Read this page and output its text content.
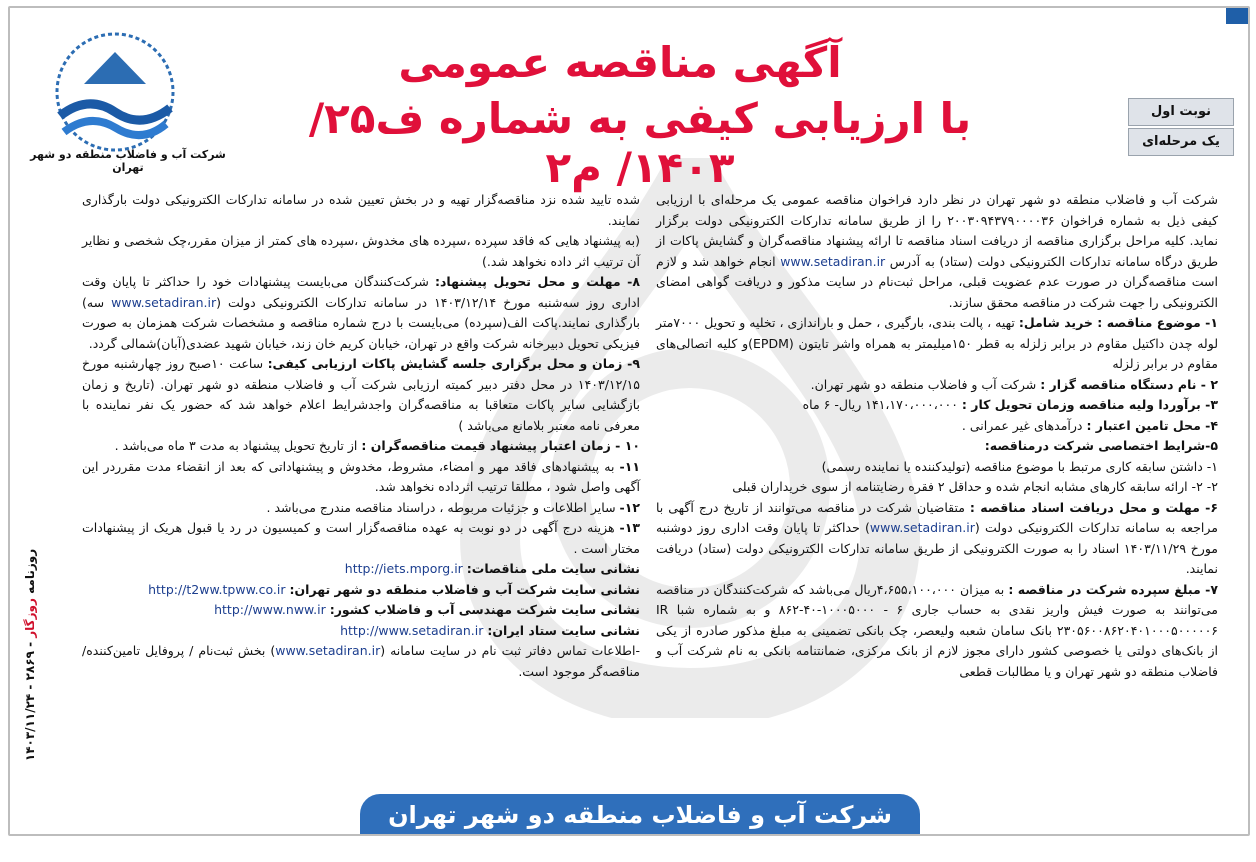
شرکت آب و فاضلاب منطقه دو شهر تهران
آگهی مناقصه عمومی
با ارزیابی کیفی به شماره ف۲۵/ ۱۴۰۳/ م۲
نوبت اول
یک مرحله‌ای

شرکت آب و فاضلاب منطقه دو شهر تهران در نظر دارد فراخوان مناقصه عمومی یک مرحله‌ای با ارزیابی کیفی ذیل به شماره فراخوان ۲۰۰۳۰۹۴۳۷۹۰۰۰۰۳۶ را از طریق سامانه تدارکات الکترونیکی دولت برگزار نماید. کلیه مراحل برگزاری مناقصه از دریافت اسناد مناقصه تا ارائه پیشنهاد مناقصه‌گران و گشایش پاکات از طریق درگاه سامانه تدارکات الکترونیکی دولت (ستاد) به آدرس www.setadiran.ir انجام خواهد شد و لازم است مناقصه‌گران در صورت عدم عضویت قبلی، مراحل ثبت‌نام در سایت مذکور و دریافت گواهی امضای الکترونیکی را جهت شرکت در مناقصه محقق سازند.

۱- موضوع مناقصه : خرید شامل: تهیه ، پالت بندی، بارگیری ، حمل و باراندازی ، تخلیه و تحویل ۷۰۰۰متر لوله چدن داکتیل مقاوم در برابر زلزله به قطر ۱۵۰میلیمتر به همراه واشر تایتون (EPDM)و کلیه اتصالی‌های مقاوم در برابر زلزله

۲ - نام دستگاه مناقصه گزار : شرکت آب و فاضلاب منطقه دو شهر تهران.

۳- برآوردا ولیه مناقصه وزمان تحویل کار : ۱۴۱،۱۷۰،۰۰۰،۰۰۰ ریال- ۶ ماه

۴- محل تامین اعتبار : درآمدهای غیر عمرانی .

۵-شرایط اختصاصی شرکت درمناقصه:

۱- داشتن سابقه کاری مرتبط با موضوع مناقصه (تولیدکننده یا نماینده رسمی)

۲- ۲- ارائه سابقه کارهای مشابه انجام شده و حداقل ۲ فقره رضایتنامه از سوی خریداران قبلی

۶- مهلت و محل دریافت اسناد مناقصه : متقاضیان شرکت در مناقصه می‌توانند از تاریخ درج آگهی با مراجعه به سامانه تدارکات الکترونیکی دولت (www.setadiran.ir) حداکثر تا پایان وقت اداری روز دوشنبه مورخ ۱۴۰۳/۱۱/۲۹ اسناد را به صورت الکترونیکی از طریق سامانه تدارکات الکترونیکی دولت (ستاد) دریافت نمایند.

۷- مبلغ سپرده شرکت در مناقصه : به میزان ۴،۶۵۵،۱۰۰،۰۰۰ریال می‌باشد که شرکت‌کنندگان در مناقصه می‌توانند به صورت فیش واریز نقدی به حساب جاری ۶ - ۱۰۰۰۵۰۰۰-۴۰-۸۶۲ و به شماره شبا IR ۲۳۰۵۶۰۰۸۶۲۰۴۰۱۰۰۰۵۰۰۰۰۰۶ بانک سامان شعبه ولیعصر، چک بانکی تضمینی به مبلغ مذکور صادره از یکی از بانک‌های دولتی یا خصوصی کشور دارای مجوز لازم از بانک مرکزی، ضمانتنامه بانکی به نام شرکت آب و فاضلاب منطقه دو شهر تهران و یا مطالبات قطعی

شده تایید شده نزد مناقصه‌گزار تهیه و در بخش تعیین شده در سامانه تدارکات الکترونیکی دولت بارگذاری نمایند.

(به پیشنهاد هایی که فاقد سپرده ،سپرده های مخدوش ،سپرده های کمتر از میزان مقرر،چک شخصی و نظایر آن ترتیب اثر داده نخواهد شد.)

۸- مهلت و محل تحویل پیشنهاد: شرکت‌کنندگان می‌بایست پیشنهادات خود را حداکثر تا پایان وقت اداری روز سه‌شنبه مورخ ۱۴۰۳/۱۲/۱۴ در سامانه تدارکات الکترونیکی دولت (www.setadiran.ir سه) بارگذاری نمایند.پاکت الف(سپرده) می‌بایست با درج شماره مناقصه و مشخصات شرکت همزمان به صورت فیزیکی تحویل دبیرخانه شرکت واقع در تهران، خیابان کریم خان زند، خیابان شهید عضدی(آبان)شمالی گردد.

۹- زمان و محل برگزاری جلسه گشایش پاکات ارزیابی کیفی: ساعت ۱۰صبح روز چهارشنبه مورخ ۱۴۰۳/۱۲/۱۵ در محل دفتر دبیر کمیته ارزیابی شرکت آب و فاضلاب منطقه دو شهر تهران. (تاریخ و زمان بازگشایی سایر پاکات متعاقبا به مناقصه‌گران واجدشرایط اعلام خواهد شد که حضور یک نفر نماینده با معرفی نامه معتبر بلامانع می‌باشد )

۱۰ - زمان اعتبار پیشنهاد قیمت مناقصه‌گران : از تاریخ تحویل پیشنهاد به مدت ۳ ماه می‌باشد .

۱۱- به پیشنهادهای فاقد مهر و امضاء، مشروط، مخدوش و پیشنهاداتی که بعد از انقضاء مدت مقرردر این آگهی واصل شود ، مطلقا ترتیب اثرداده نخواهد شد.

۱۲- سایر اطلاعات و جزئیات مربوطه ، دراسناد مناقصه مندرج می‌باشد .

۱۳- هزینه درج آگهی در دو نوبت به عهده مناقصه‌گزار است و کمیسیون در رد یا قبول هریک از پیشنهادات مختار است .

نشانی سایت ملی مناقصات: http://iets.mporg.ir

نشانی سایت شرکت آب و فاضلاب منطقه دو شهر تهران: http://t2ww.tpww.co.ir

نشانی سایت شرکت مهندسی آب و فاضلاب کشور: http://www.nww.ir

نشانی سایت ستاد ایران: http://www.setadiran.ir

-اطلاعات تماس دفاتر ثبت نام در سایت سامانه (www.setadiran.ir) بخش ثبت‌نام / پروفایل تامین‌کننده/ مناقصه‌گر موجود است.

روزنامه روزگار - ۲۸۶۹ - ۱۴۰۳/۱۱/۲۴
شرکت آب و فاضلاب منطقه دو شهر تهران
